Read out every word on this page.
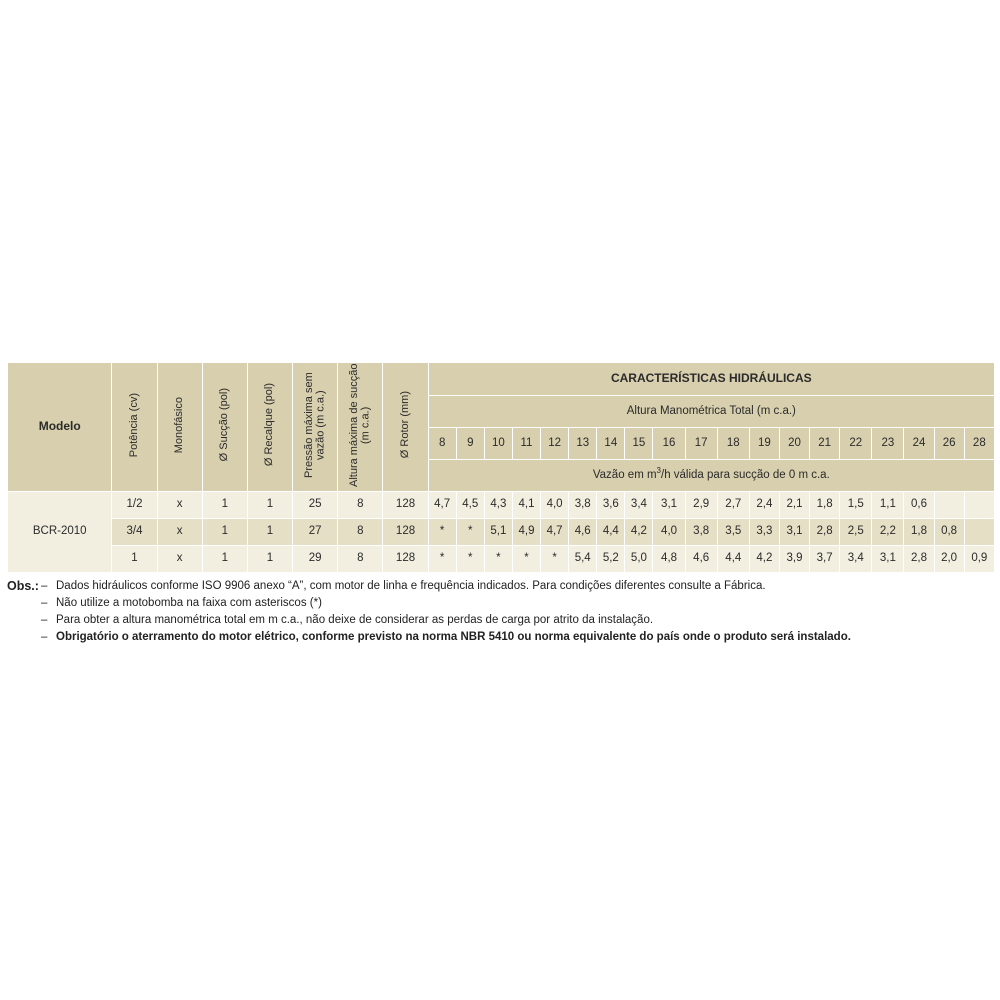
Modelo	Potência (cv)	Monofásico	Ø Sucção (pol)	Ø Recalque (pol)	Pressão máxima sem vazão (m c.a.)	Altura máxima de sucção (m c.a.)	Ø Rotor (mm)	CARACTERÍSTICAS HIDRÁULICAS																		
								Altura Manométrica Total (m c.a.)																		
								8	9	10	11	12	13	14	15	16	17	18	19	20	21	22	23	24	26	28
								Vazão em $m^3/h$ válida para sucção de 0 m c.a.																		
BCR-2010	1/2	x	1	1	25	8	128	4,7	4,5	4,3	4,1	4,0	3,8	3,6	3,4	3,1	2,9	2,7	2,4	2,1	1,8	1,5	1,1	0,6		
	3/4	x	1	1	27	8	128	*	*	5,1	4,9	4,7	4,6	4,4	4,2	4,0	3,8	3,5	3,3	3,1	2,8	2,5	2,2	1,8	0,8	
	1	x	1	1	29	8	128	*	*	*	*	*	5,4	5,2	5,0	4,8	4,6	4,4	4,2	3,9	3,7	3,4	3,1	2,8	2,0	0,9
Obs.: – Dados hidráulicos conforme ISO 9906 anexo “A”, com motor de linha e frequência indicados. Para condições diferentes consulte a Fábrica.
– Não utilize a motobomba na faixa com asteriscos (*)
– Para obter a altura manométrica total em m c.a., não deixe de considerar as perdas de carga por atrito da instalação.
– Obrigatório o aterramento do motor elétrico, conforme previsto na norma NBR 5410 ou norma equivalente do país onde o produto será instalado.
